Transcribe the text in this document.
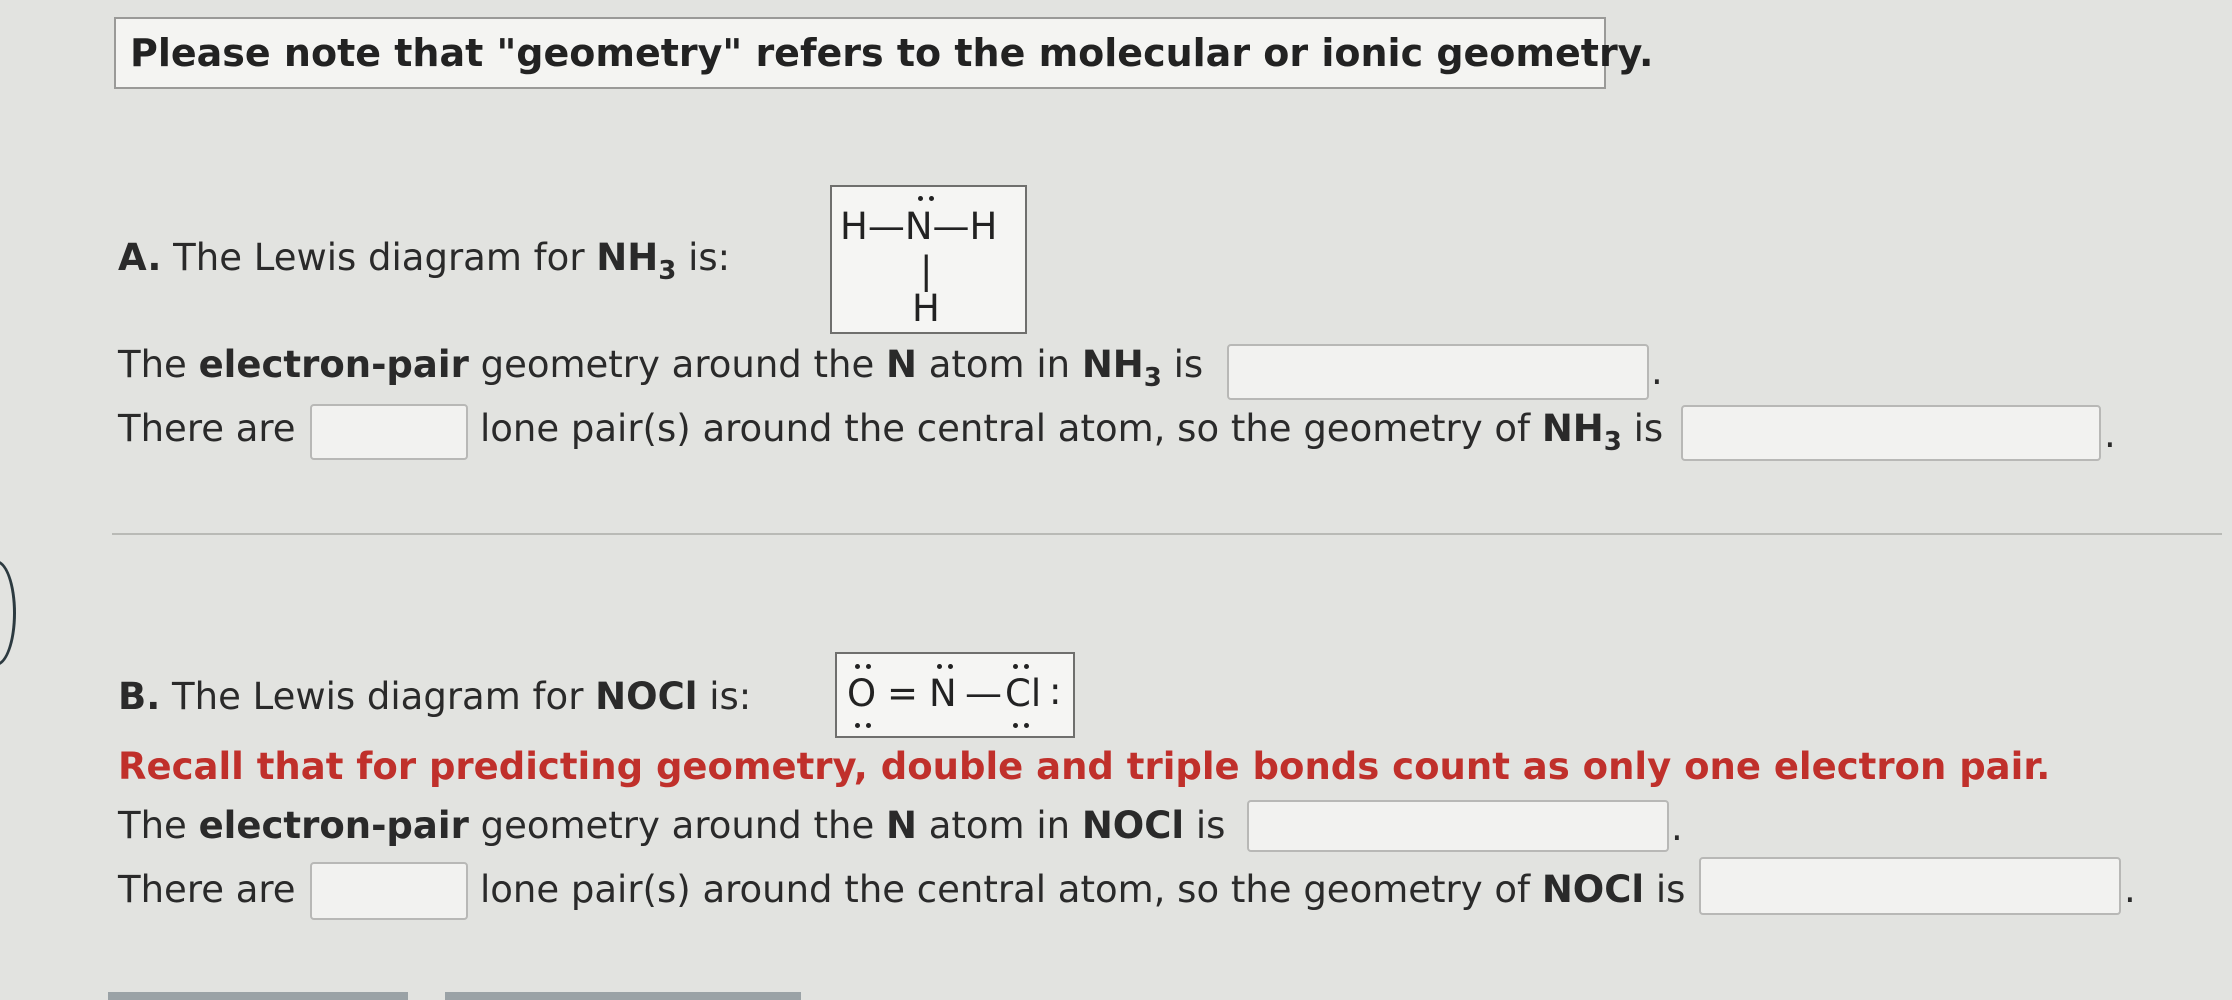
Please note that "geometry" refers to the molecular or ionic geometry.
A. The Lewis diagram for $NH_3$ is:
H—N—H
|
H
The electron-pair geometry around the N atom in $NH_3$ is	.
There are	lone pair(s) around the central atom, so the geometry of $NH_3$ is	.
B. The Lewis diagram for NOCl is:	O = N — Cl :
Recall that for predicting geometry, double and triple bonds count as only one electron pair.
The electron-pair geometry around the N atom in NOCl is	.
There are	lone pair(s) around the central atom, so the geometry of NOCl is	.
